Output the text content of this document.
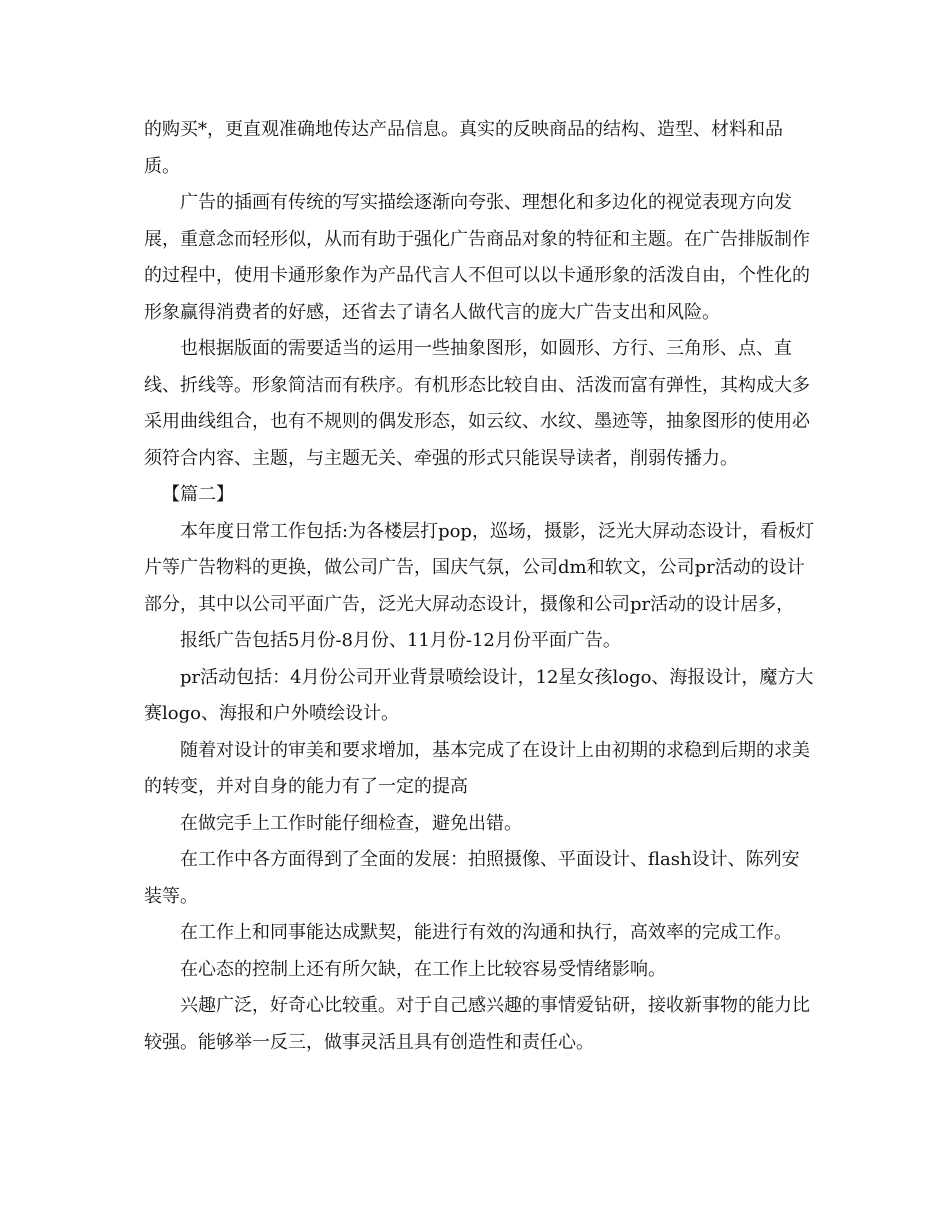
的购买*，更直观准确地传达产品信息。真实的反映商品的结构、造型、材料和品质。

广告的插画有传统的写实描绘逐渐向夸张、理想化和多边化的视觉表现方向发展，重意念而轻形似，从而有助于强化广告商品对象的特征和主题。在广告排版制作的过程中，使用卡通形象作为产品代言人不但可以以卡通形象的活泼自由，个性化的形象赢得消费者的好感，还省去了请名人做代言的庞大广告支出和风险。

也根据版面的需要适当的运用一些抽象图形，如圆形、方行、三角形、点、直线、折线等。形象简洁而有秩序。有机形态比较自由、活泼而富有弹性，其构成大多采用曲线组合，也有不规则的偶发形态，如云纹、水纹、墨迹等，抽象图形的使用必须符合内容、主题，与主题无关、牵强的形式只能误导读者，削弱传播力。

【篇二】

本年度日常工作包括:为各楼层打pop，巡场，摄影，泛光大屏动态设计，看板灯片等广告物料的更换，做公司广告，国庆气氛，公司dm和软文，公司pr活动的设计部分，其中以公司平面广告，泛光大屏动态设计，摄像和公司pr活动的设计居多，

报纸广告包括5月份-8月份、11月份-12月份平面广告。

pr活动包括：4月份公司开业背景喷绘设计，12星女孩logo、海报设计，魔方大赛logo、海报和户外喷绘设计。

随着对设计的审美和要求增加，基本完成了在设计上由初期的求稳到后期的求美的转变，并对自身的能力有了一定的提高

在做完手上工作时能仔细检查，避免出错。

在工作中各方面得到了全面的发展：拍照摄像、平面设计、flash设计、陈列安装等。

在工作上和同事能达成默契，能进行有效的沟通和执行，高效率的完成工作。

在心态的控制上还有所欠缺，在工作上比较容易受情绪影响。

兴趣广泛，好奇心比较重。对于自己感兴趣的事情爱钻研，接收新事物的能力比较强。能够举一反三，做事灵活且具有创造性和责任心。
